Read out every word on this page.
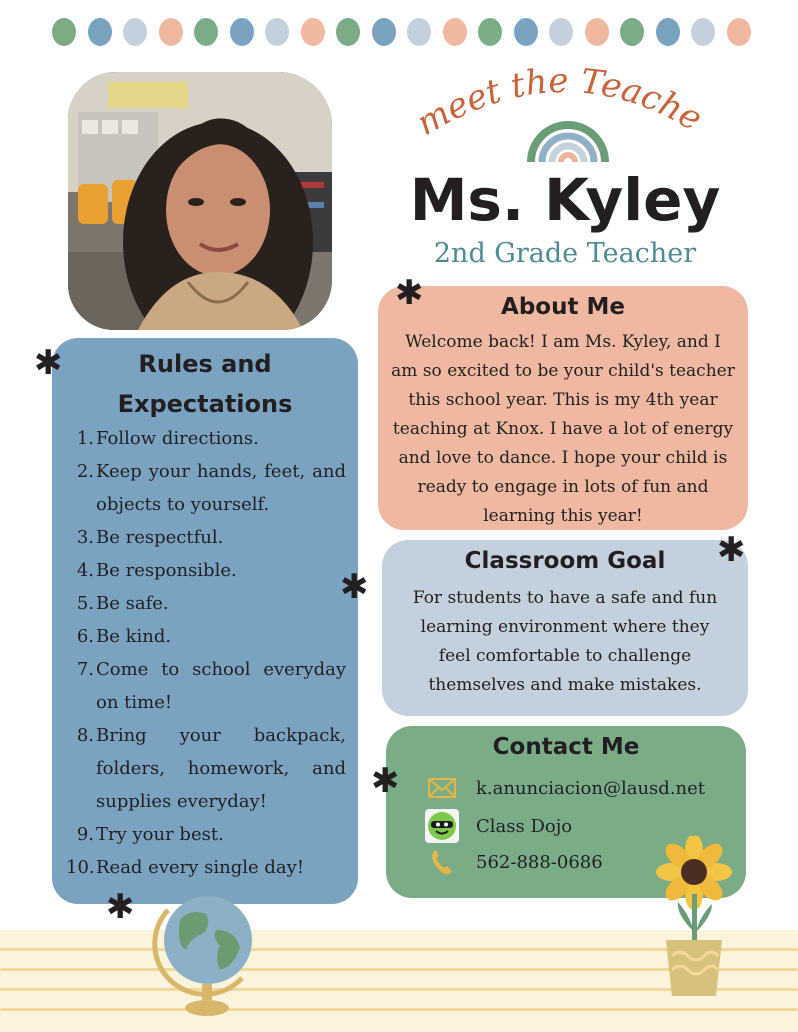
eet the Teache
Ms. Kyley
2nd Grade Teacher
About Me
Welcome back! I am Ms. Kyley, and I
am so excited to be your child's teacher
this school year. This is my 4th year
teaching at Knox. I have a lot of energy
and love to dance. I hope your child is
ready to engage in lots of fun and
learning this year!
Classroom Goal
For students to have a safe and fun
learning environment where they
feel comfortable to challenge
themselves and make mistakes.
Contact Me
k.anunciacion@lausd.net
Class Dojo
562-888-0686
Rules and
Expectations
1. Follow directions.
2. Keep your hands, feet, and objects to yourself.
3. Be respectful.
4. Be responsible.
5. Be safe.
6. Be kind.
7. Come to school everyday on time!
8. Bring your backpack, folders, homework, and supplies everyday!
9. Try your best.
10. Read every single day!
✱
✱
✱
✱
✱
✱
